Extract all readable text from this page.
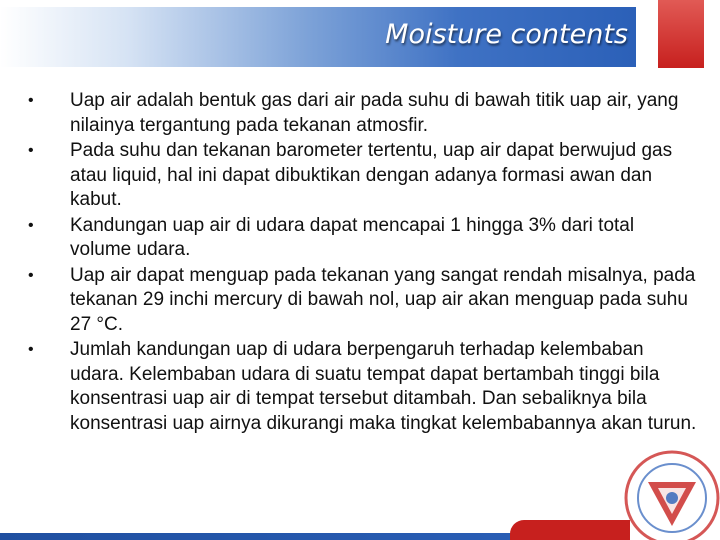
Moisture contents
•	Uap air adalah bentuk gas dari air pada suhu di bawah titik uap air, yang nilainya tergantung pada tekanan atmosfir.
•	Pada suhu dan tekanan barometer tertentu, uap air dapat berwujud gas atau liquid, hal ini dapat dibuktikan dengan adanya formasi awan dan kabut.
•	Kandungan uap air di udara dapat mencapai 1 hingga 3% dari total volume udara.
•	Uap air dapat menguap pada tekanan yang sangat rendah misalnya, pada tekanan 29 inchi mercury di bawah nol, uap air akan menguap pada suhu 27 °C.
•	Jumlah kandungan uap di udara berpengaruh terhadap kelembaban udara. Kelembaban udara di suatu tempat dapat bertambah tinggi bila konsentrasi uap air di tempat tersebut ditambah. Dan sebaliknya bila konsentrasi uap airnya dikurangi maka tingkat kelembabannya akan turun.
